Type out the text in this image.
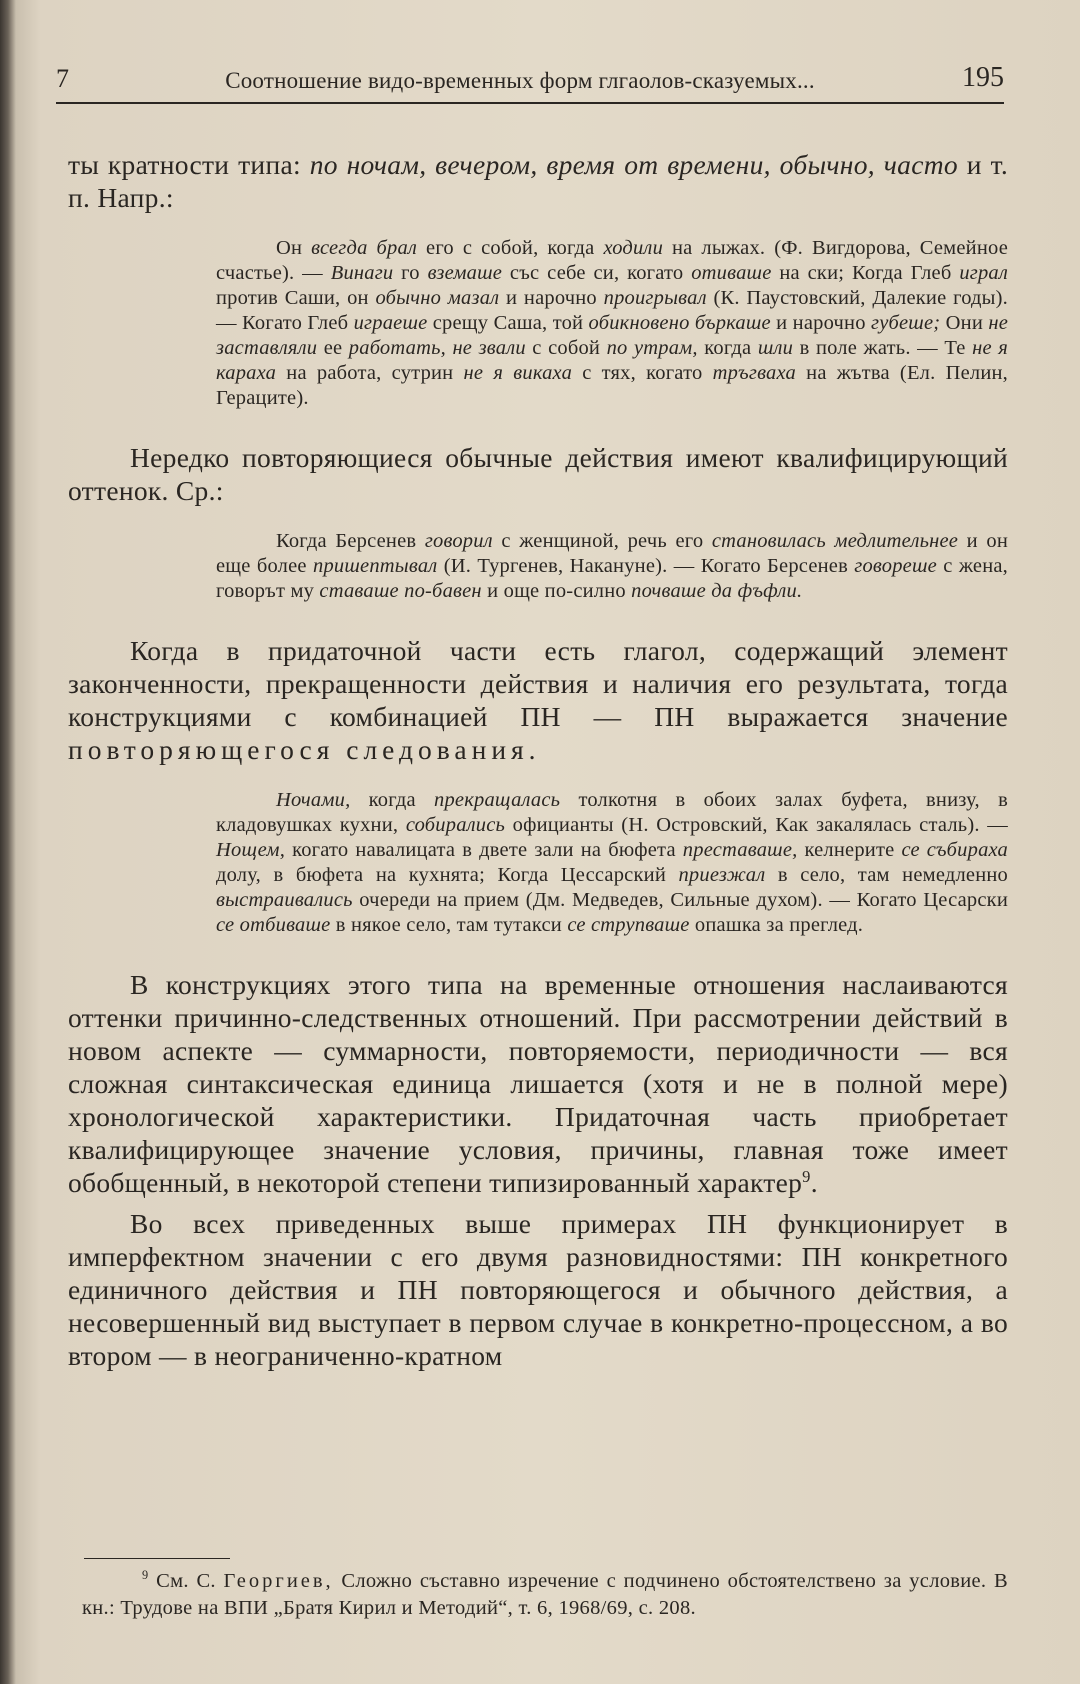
7	Соотношение видо-временных форм глгаолов-сказуемых...	195

ты кратности типа: по ночам, вечером, время от времени, обычно, часто и т. п. Напр.:

Он всегда брал его с собой, когда ходили на лыжах. (Ф. Вигдорова, Семейное счастье). — Винаги го вземаше със себе си, когато отиваше на ски; Когда Глеб играл против Саши, он обычно мазал и нарочно проигрывал (К. Паустовский, Далекие годы). — Когато Глеб играеше срещу Саша, той обикновено бъркаше и нарочно губеше; Они не заставляли ее работать, не звали с собой по утрам, когда шли в поле жать. — Те не я караха на работа, сутрин не я викаха с тях, когато тръгваха на жътва (Ел. Пелин, Гераците).

Нередко повторяющиеся обычные действия имеют квалифицирующий оттенок. Ср.:

Когда Берсенев говорил с женщиной, речь его становилась медлительнее и он еще более пришептывал (И. Тургенев, Накануне). — Когато Берсенев говореше с жена, говорът му ставаше по-бавен и още по-силно почваше да фъфли.

Когда в придаточной части есть глагол, содержащий элемент законченности, прекращенности действия и наличия его результата, тогда конструкциями с комбинацией ПН — ПН выражается значение повторяющегося следования.

Ночами, когда прекращалась толкотня в обоих залах буфета, внизу, в кладовушках кухни, собирались официанты (Н. Островский, Как закалялась сталь). — Нощем, когато навалицата в двете зали на бюфета преставаше, келнерите се събираха долу, в бюфета на кухнята; Когда Цессарский приезжал в село, там немедленно выстраивались очереди на прием (Дм. Медведев, Сильные духом). — Когато Цесарски се отбиваше в някое село, там тутакси се струпваше опашка за преглед.

В конструкциях этого типа на временные отношения наслаиваются оттенки причинно-следственных отношений. При рассмотрении действий в новом аспекте — суммарности, повторяемости, периодичности — вся сложная синтаксическая единица лишается (хотя и не в полной мере) хронологической характеристики. Придаточная часть приобретает квалифицирующее значение условия, причины, главная тоже имеет обобщенный, в некоторой степени типизированный характер$^9$.

Во всех приведенных выше примерах ПН функционирует в имперфектном значении с его двумя разновидностями: ПН конкретного единичного действия и ПН повторяющегося и обычного действия, а несовершенный вид выступает в первом случае в конкретно-процессном, а во втором — в неограниченно-кратном

$^9$ См. С. Георгиев, Сложно съставно изречение с подчинено обстоятелствено за условие. В кн.: Трудове на ВПИ „Братя Кирил и Методий“, т. 6, 1968/69, с. 208.
